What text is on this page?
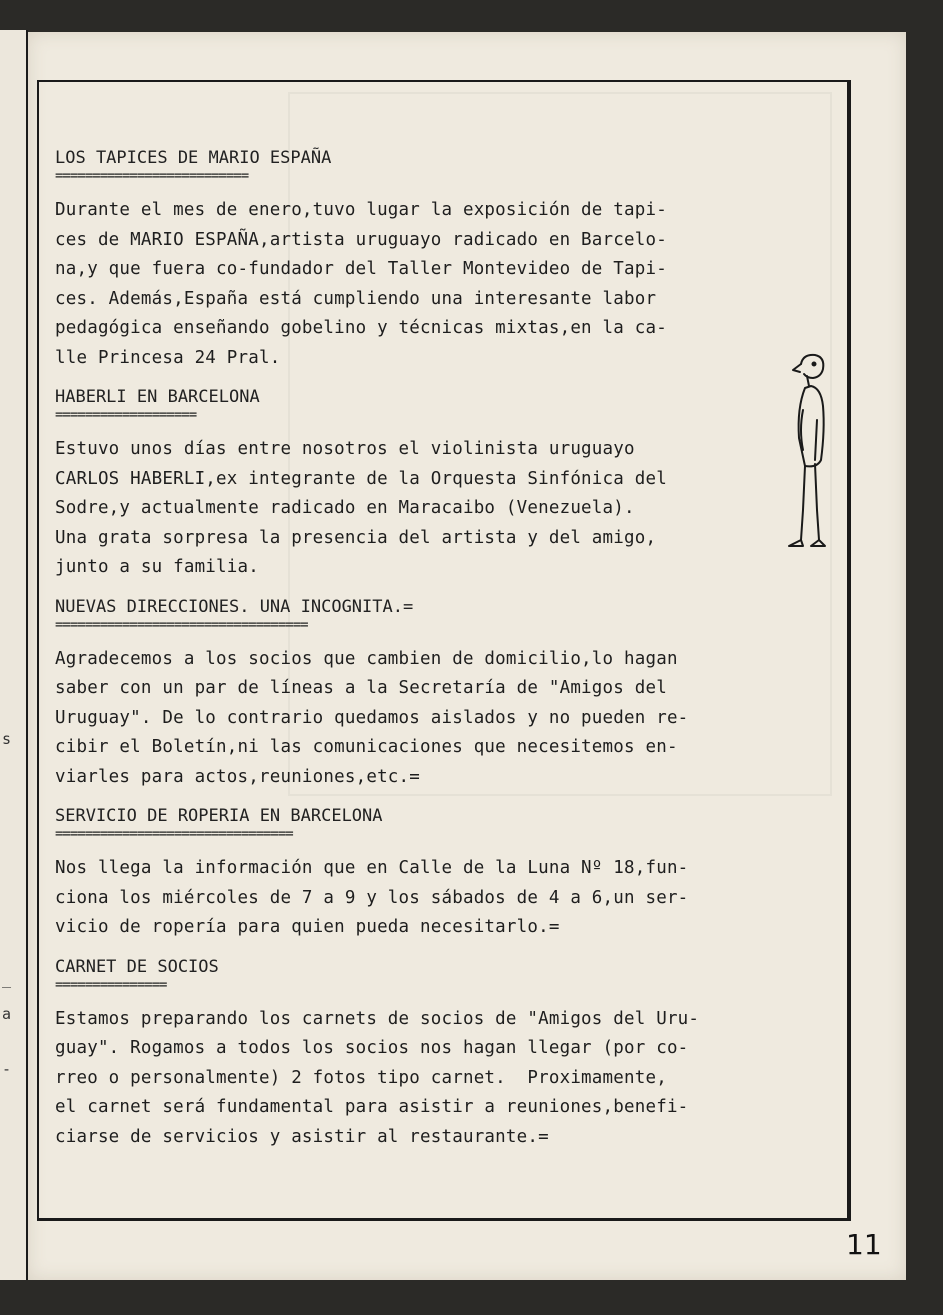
s
a
-
_
LOS TAPICES DE MARIO ESPAÑA
==========================
Durante el mes de enero,tuvo lugar la exposición de tapi-
ces de MARIO ESPAÑA,artista uruguayo radicado en Barcelo-
na,y que fuera co-fundador del Taller Montevideo de Tapi-
ces. Además,España está cumpliendo una interesante labor
pedagógica enseñando gobelino y técnicas mixtas,en la ca-
lle Princesa 24 Pral.
HABERLI EN BARCELONA
===================
Estuvo unos días entre nosotros el violinista uruguayo
CARLOS HABERLI,ex integrante de la Orquesta Sinfónica del
Sodre,y actualmente radicado en Maracaibo (Venezuela).
Una grata sorpresa la presencia del artista y del amigo,
junto a su familia.
NUEVAS DIRECCIONES. UNA INCOGNITA.=
==================================
Agradecemos a los socios que cambien de domicilio,lo hagan
saber con un par de líneas a la Secretaría de "Amigos del
Uruguay". De lo contrario quedamos aislados y no pueden re-
cibir el Boletín,ni las comunicaciones que necesitemos en-
viarles para actos,reuniones,etc.=
SERVICIO DE ROPERIA EN BARCELONA
================================
Nos llega la información que en Calle de la Luna Nº 18,fun-
ciona los miércoles de 7 a 9 y los sábados de 4 a 6,un ser-
vicio de ropería para quien pueda necesitarlo.=
CARNET DE SOCIOS
===============
Estamos preparando los carnets de socios de "Amigos del Uru-
guay". Rogamos a todos los socios nos hagan llegar (por co-
rreo o personalmente) 2 fotos tipo carnet.  Proximamente,
el carnet será fundamental para asistir a reuniones,benefi-
ciarse de servicios y asistir al restaurante.=
11
